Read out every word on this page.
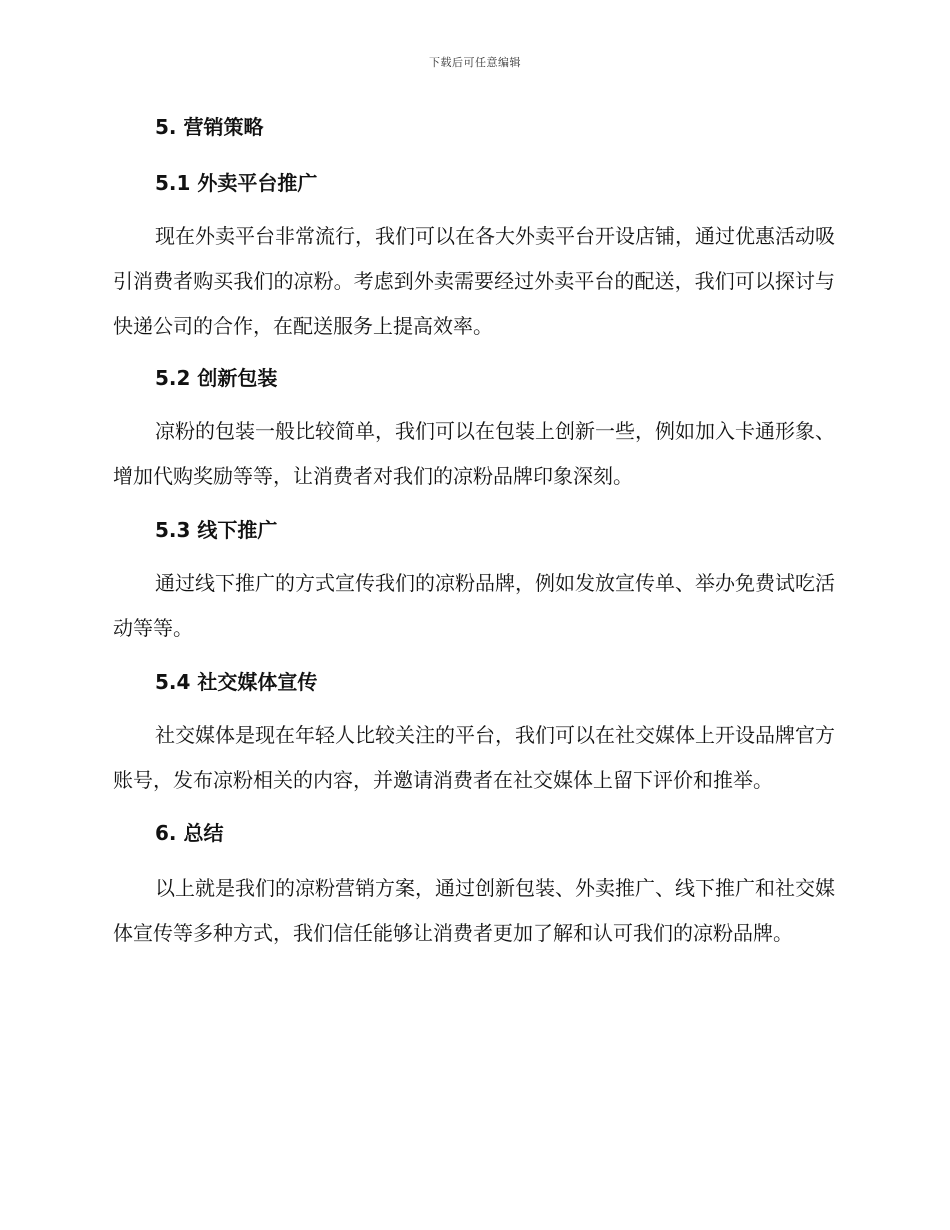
下载后可任意编辑
5. 营销策略
5.1 外卖平台推广

现在外卖平台非常流行，我们可以在各大外卖平台开设店铺，通过优惠活动吸引消费者购买我们的凉粉。考虑到外卖需要经过外卖平台的配送，我们可以探讨与快递公司的合作，在配送服务上提高效率。

5.2 创新包装

凉粉的包装一般比较简单，我们可以在包装上创新一些，例如加入卡通形象、增加代购奖励等等，让消费者对我们的凉粉品牌印象深刻。

5.3 线下推广

通过线下推广的方式宣传我们的凉粉品牌，例如发放宣传单、举办免费试吃活动等等。

5.4 社交媒体宣传

社交媒体是现在年轻人比较关注的平台，我们可以在社交媒体上开设品牌官方账号，发布凉粉相关的内容，并邀请消费者在社交媒体上留下评价和推举。

6. 总结

以上就是我们的凉粉营销方案，通过创新包装、外卖推广、线下推广和社交媒体宣传等多种方式，我们信任能够让消费者更加了解和认可我们的凉粉品牌。
